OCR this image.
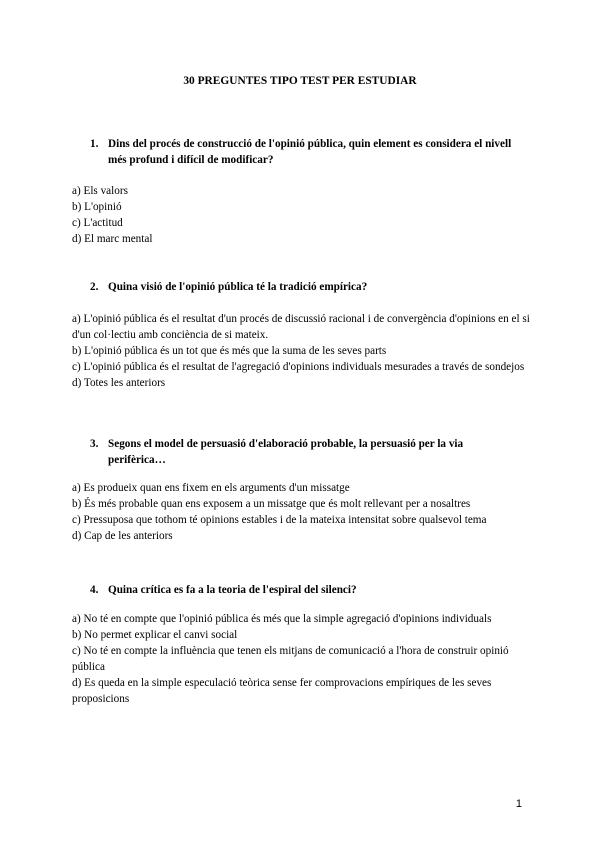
30 PREGUNTES TIPO TEST PER ESTUDIAR
1. Dins del procés de construcció de l'opinió pública, quin element es considera el nivell més profund i difícil de modificar?
a) Els valors
b) L'opinió
c) L'actitud
d) El marc mental
2. Quina visió de l'opinió pública té la tradició empírica?
a) L'opinió pública és el resultat d'un procés de discussió racional i de convergència d'opinions en el si d'un col·lectiu amb conciència de si mateix.
b) L'opinió pública és un tot que és més que la suma de les seves parts
c) L'opinió pública és el resultat de l'agregació d'opinions individuals mesurades a través de sondejos
d) Totes les anteriors
3. Segons el model de persuasió d'elaboració probable, la persuasió per la via perifèrica…
a) Es produeix quan ens fixem en els arguments d'un missatge
b) És més probable quan ens exposem a un missatge que és molt rellevant per a nosaltres
c) Pressuposa que tothom té opinions estables i de la mateixa intensitat sobre qualsevol tema
d) Cap de les anteriors
4. Quina crítica es fa a la teoria de l'espiral del silenci?
a) No té en compte que l'opinió pública és més que la simple agregació d'opinions individuals
b) No permet explicar el canvi social
c) No té en compte la influència que tenen els mitjans de comunicació a l'hora de construir opinió pública
d) Es queda en la simple especulació teòrica sense fer comprovacions empíriques de les seves proposicions
1
